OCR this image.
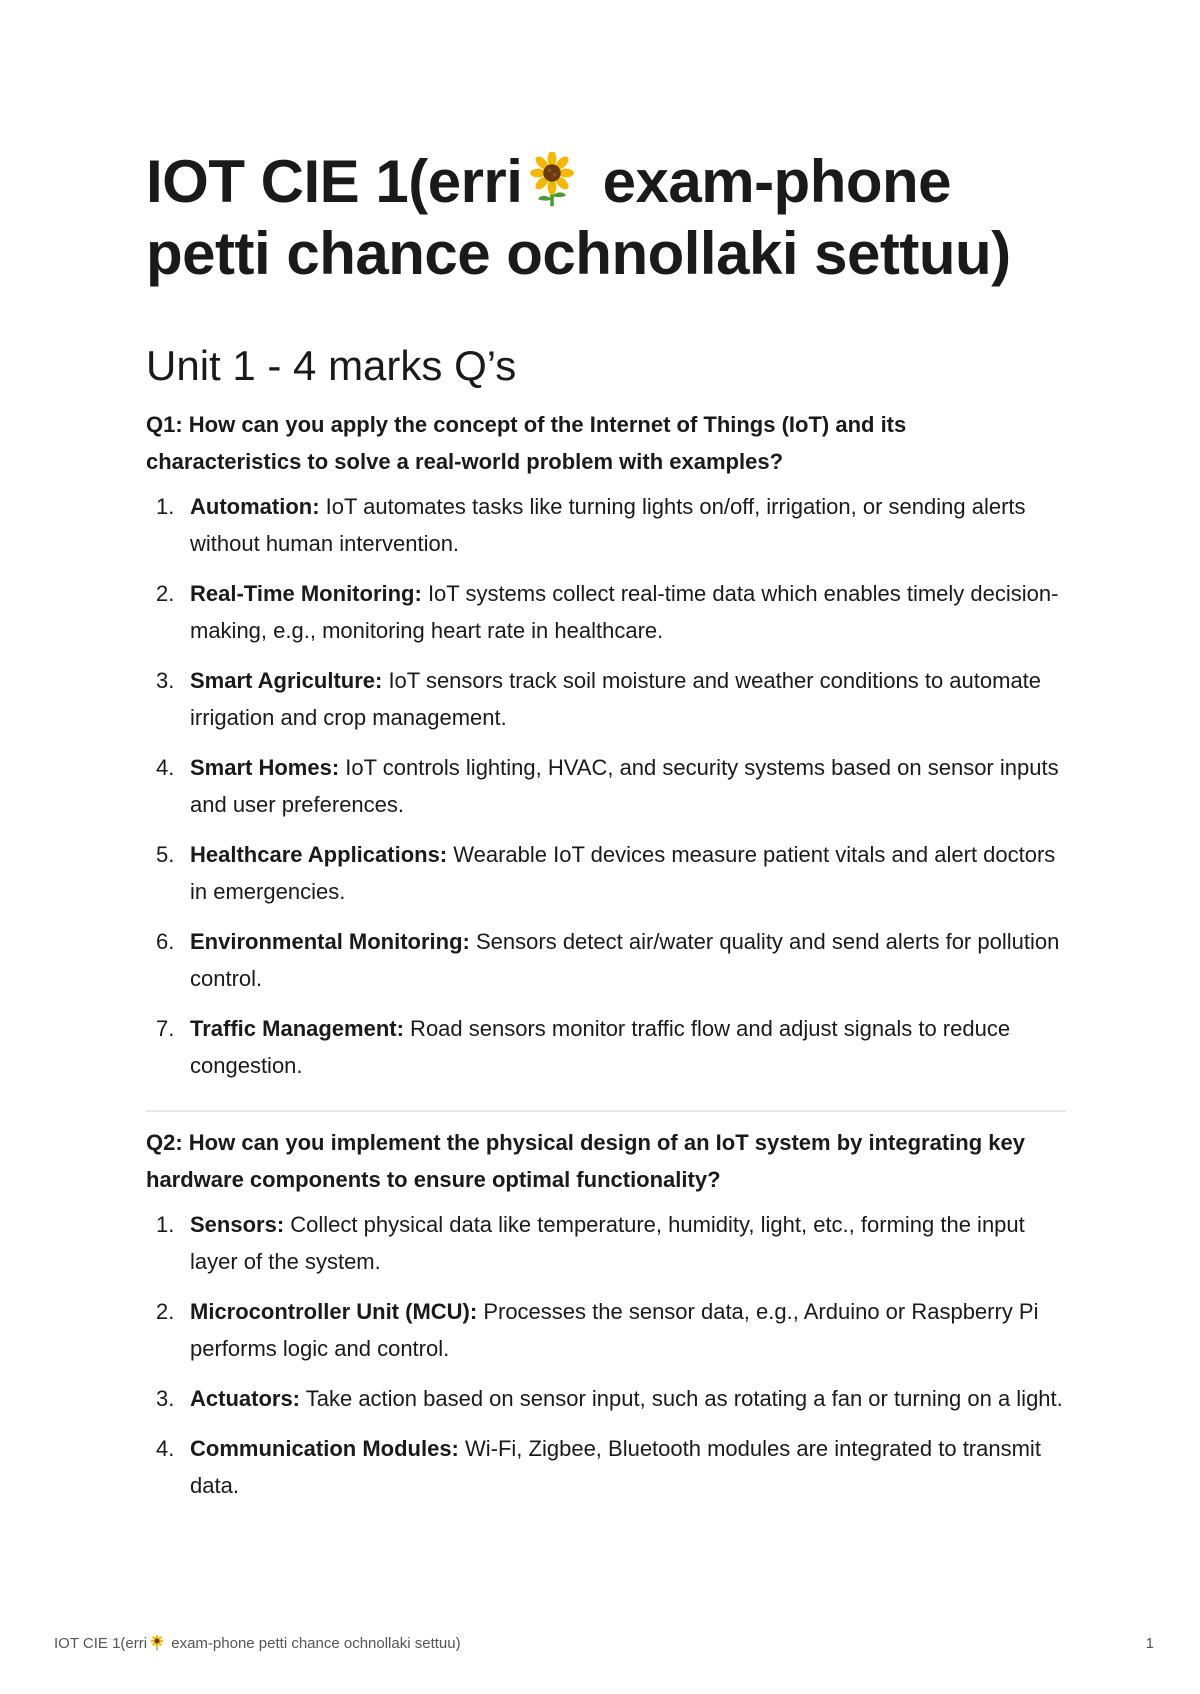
IOT CIE 1(erri exam-phone petti chance ochnollaki settuu)
Unit 1 - 4 marks Q’s

Q1: How can you apply the concept of the Internet of Things (IoT) and its characteristics to solve a real-world problem with examples?

1. Automation: IoT automates tasks like turning lights on/off, irrigation, or sending alerts without human intervention.
2. Real-Time Monitoring: IoT systems collect real-time data which enables timely decision-making, e.g., monitoring heart rate in healthcare.
3. Smart Agriculture: IoT sensors track soil moisture and weather conditions to automate irrigation and crop management.
4. Smart Homes: IoT controls lighting, HVAC, and security systems based on sensor inputs and user preferences.
5. Healthcare Applications: Wearable IoT devices measure patient vitals and alert doctors in emergencies.
6. Environmental Monitoring: Sensors detect air/water quality and send alerts for pollution control.
7. Traffic Management: Road sensors monitor traffic flow and adjust signals to reduce congestion.

Q2: How can you implement the physical design of an IoT system by integrating key hardware components to ensure optimal functionality?

1. Sensors: Collect physical data like temperature, humidity, light, etc., forming the input layer of the system.
2. Microcontroller Unit (MCU): Processes the sensor data, e.g., Arduino or Raspberry Pi performs logic and control.
3. Actuators: Take action based on sensor input, such as rotating a fan or turning on a light.
4. Communication Modules: Wi-Fi, Zigbee, Bluetooth modules are integrated to transmit data.
IOT CIE 1(erri exam-phone petti chance ochnollaki settuu)	1
